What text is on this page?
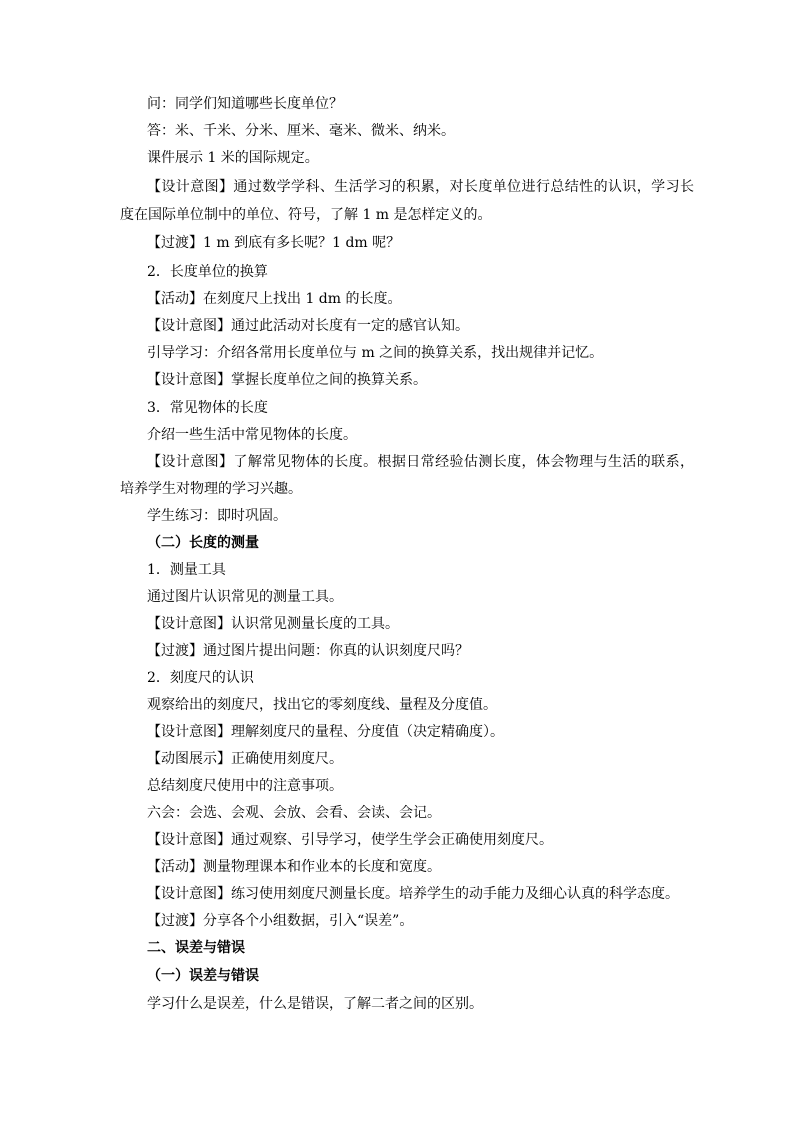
问：同学们知道哪些长度单位？
答：米、千米、分米、厘米、毫米、微米、纳米。
课件展示 1 米的国际规定。
【设计意图】通过数学学科、生活学习的积累，对长度单位进行总结性的认识，学习长
度在国际单位制中的单位、符号，了解 1 m 是怎样定义的。
【过渡】1 m 到底有多长呢？1 dm 呢？
2．长度单位的换算
【活动】在刻度尺上找出 1 dm 的长度。
【设计意图】通过此活动对长度有一定的感官认知。
引导学习：介绍各常用长度单位与 m 之间的换算关系，找出规律并记忆。
【设计意图】掌握长度单位之间的换算关系。
3．常见物体的长度
介绍一些生活中常见物体的长度。
【设计意图】了解常见物体的长度。根据日常经验估测长度，体会物理与生活的联系，
培养学生对物理的学习兴趣。
学生练习：即时巩固。
（二）长度的测量
1．测量工具
通过图片认识常见的测量工具。
【设计意图】认识常见测量长度的工具。
【过渡】通过图片提出问题：你真的认识刻度尺吗？
2．刻度尺的认识
观察给出的刻度尺，找出它的零刻度线、量程及分度值。
【设计意图】理解刻度尺的量程、分度值（决定精确度）。
【动图展示】正确使用刻度尺。
总结刻度尺使用中的注意事项。
六会：会选、会观、会放、会看、会读、会记。
【设计意图】通过观察、引导学习，使学生学会正确使用刻度尺。
【活动】测量物理课本和作业本的长度和宽度。
【设计意图】练习使用刻度尺测量长度。培养学生的动手能力及细心认真的科学态度。
【过渡】分享各个小组数据，引入“误差”。
二、误差与错误
（一）误差与错误
学习什么是误差，什么是错误，了解二者之间的区别。
